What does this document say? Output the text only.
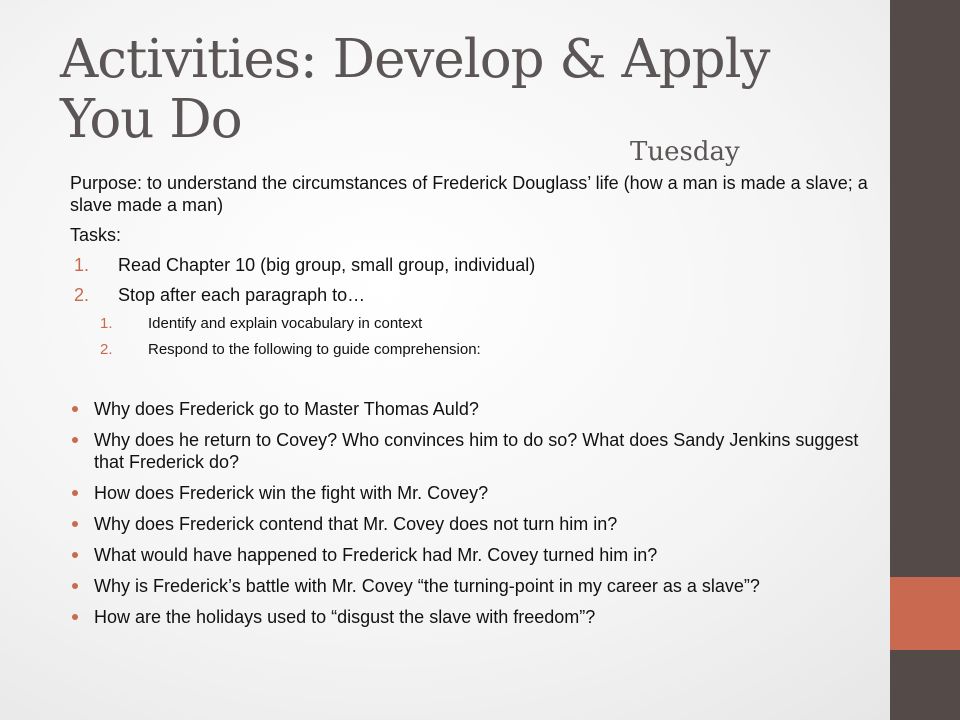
Activities: Develop & Apply
You Do
Tuesday

Purpose: to understand the circumstances of Frederick Douglass’ life (how a man is made a slave; a slave made a man)

Tasks:

1. Read Chapter 10 (big group, small group, individual)
2. Stop after each paragraph to…
1. Identify and explain vocabulary in context
2. Respond to the following to guide comprehension:
Why does Frederick go to Master Thomas Auld?
Why does he return to Covey? Who convinces him to do so? What does Sandy Jenkins suggest that Frederick do?
How does Frederick win the fight with Mr. Covey?
Why does Frederick contend that Mr. Covey does not turn him in?
What would have happened to Frederick had Mr. Covey turned him in?
Why is Frederick’s battle with Mr. Covey “the turning-point in my career as a slave”?
How are the holidays used to “disgust the slave with freedom”?
